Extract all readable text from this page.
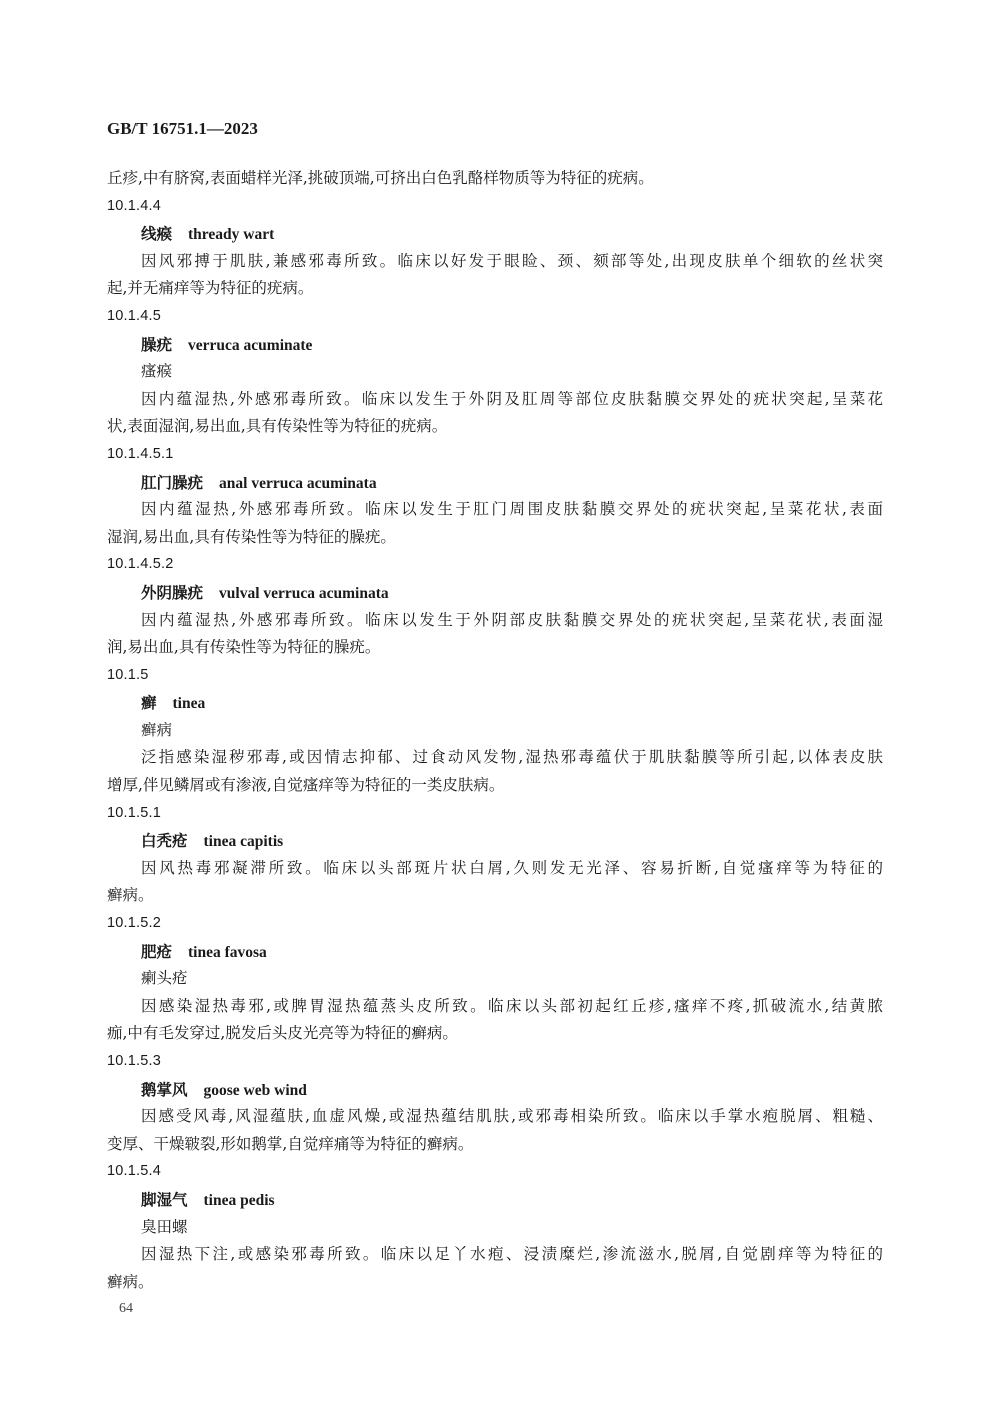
GB/T 16751.1—2023
丘疹,中有脐窝,表面蜡样光泽,挑破顶端,可挤出白色乳酪样物质等为特征的疣病。
10.1.4.4
线瘊 thready wart
因风邪搏于肌肤,兼感邪毒所致。临床以好发于眼睑、颈、颏部等处,出现皮肤单个细软的丝状突
起,并无痛痒等为特征的疣病。
10.1.4.5
臊疣 verruca acuminate
瘙瘊
因内蕴湿热,外感邪毒所致。临床以发生于外阴及肛周等部位皮肤黏膜交界处的疣状突起,呈菜花
状,表面湿润,易出血,具有传染性等为特征的疣病。
10.1.4.5.1
肛门臊疣 anal verruca acuminata
因内蕴湿热,外感邪毒所致。临床以发生于肛门周围皮肤黏膜交界处的疣状突起,呈菜花状,表面
湿润,易出血,具有传染性等为特征的臊疣。
10.1.4.5.2
外阴臊疣 vulval verruca acuminata
因内蕴湿热,外感邪毒所致。临床以发生于外阴部皮肤黏膜交界处的疣状突起,呈菜花状,表面湿
润,易出血,具有传染性等为特征的臊疣。
10.1.5
癣 tinea
癣病
泛指感染湿秽邪毒,或因情志抑郁、过食动风发物,湿热邪毒蕴伏于肌肤黏膜等所引起,以体表皮肤
增厚,伴见鳞屑或有渗液,自觉瘙痒等为特征的一类皮肤病。
10.1.5.1
白秃疮 tinea capitis
因风热毒邪凝滞所致。临床以头部斑片状白屑,久则发无光泽、容易折断,自觉瘙痒等为特征的
癣病。
10.1.5.2
肥疮 tinea favosa
瘌头疮
因感染湿热毒邪,或脾胃湿热蕴蒸头皮所致。临床以头部初起红丘疹,瘙痒不疼,抓破流水,结黄脓
痂,中有毛发穿过,脱发后头皮光亮等为特征的癣病。
10.1.5.3
鹅掌风 goose web wind
因感受风毒,风湿蕴肤,血虚风燥,或湿热蕴结肌肤,或邪毒相染所致。临床以手掌水疱脱屑、粗糙、
变厚、干燥皲裂,形如鹅掌,自觉痒痛等为特征的癣病。
10.1.5.4
脚湿气 tinea pedis
臭田螺
因湿热下注,或感染邪毒所致。临床以足丫水疱、浸渍糜烂,渗流滋水,脱屑,自觉剧痒等为特征的
癣病。
64
